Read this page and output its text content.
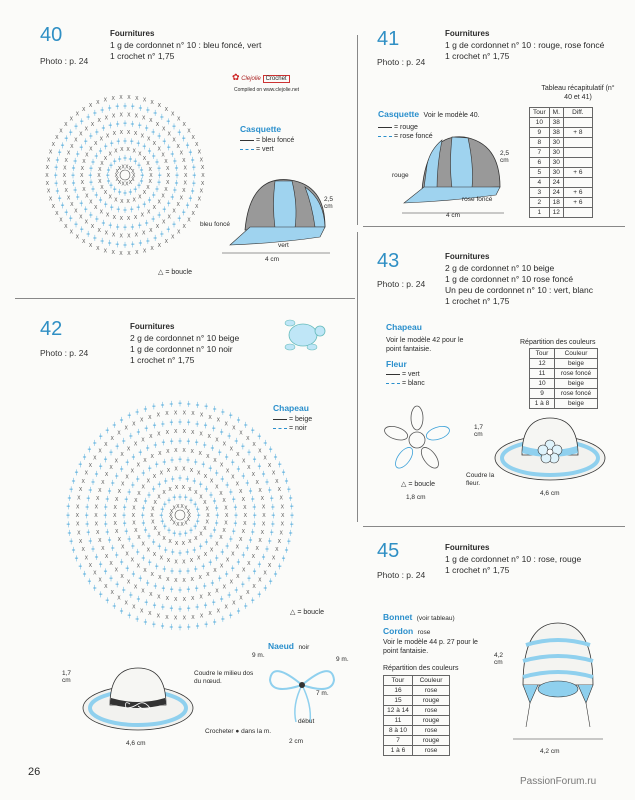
40
Photo : p. 24
Fournitures
1 g de cordonnet n° 10 : bleu foncé, vert
1 crochet n° 1,75
✿ Clejolie Crochet
Compiled on www.clejolie.net
X
X
X
X
X
X
X
X
X
X X X X
X
╪
╪
╪
╪
╪
╪
╪
╪
╪
╪
╪
╪
╪
╪ ╪ ╪ ╪ ╪
╪
╪
X
X
X
X
X
X
X
X
X
X
X
X
X
X
X
X
X
X X X X X X
X
X
X
╪
╪
╪
╪
╪
╪
╪
╪
╪
╪
╪
╪
╪
╪
╪
╪
╪
╪
╪
╪
╪
╪
╪ ╪ ╪ ╪ ╪
╪
╪
╪
╪
╪
X
X
X
X
X
X
X
X
X
X
X
X
X
X
X
X
X
X
X
X
X
X
X
X
X
X
X X X X X X
X
X
X
X
X
X
╪
╪
╪
╪
╪
╪
╪
╪
╪
╪
╪
╪
╪
╪
╪
╪
╪
╪
╪
╪
╪
╪
╪
╪
╪
╪
╪
╪
╪
╪
╪ ╪ ╪ ╪ ╪ ╪ ╪
╪
╪
╪
╪
╪
╪
╪
X
X
X
X
X
X
X
X
X
X
X
X
X
X
X
X
X
X
X
X
X
X
X
X
X
X
X
X
X
X
X
X
X
X
X X X X X X X X
X
X
X
X
X
X
X
X
╪
╪
╪
╪
╪
╪
╪
╪
╪
╪
╪
╪
╪
╪
╪
╪
╪
╪
╪
╪
╪
╪
╪
╪
╪
╪
╪
╪
╪
╪
╪
╪
╪
╪
╪
╪
╪
╪
╪ ╪ ╪ ╪ ╪ ╪ ╪ ╪ ╪
╪
╪
╪
╪
╪
╪
╪
╪
╪
X
X
X
X
X
X
X
X
X
X
X
X
X
X
X
X
X
X
X
X
X
X
X
X
X
X
X
X
X
X
X
X
X
X
X
X
X
X
X
X
X
X
X
X X X X X X X X
X
X
X
X
X
X
X
X
X
X
X
△ = boucle
Casquette
= bleu foncé
= vert
bleu foncé
vert
4 cm
2,5 cm
41
Photo : p. 24
Fournitures
1 g de cordonnet n° 10 : rouge, rose foncé
1 crochet n° 1,75
Casquette Voir le modèle 40.
= rouge
= rose foncé
rouge
rose foncé
4 cm
2,5 cm
Tableau récapitulatif (n° 40 et 41)
Tour	M.	Diff.
10	38	
9	38	+ 8
8	30	
7	30	
6	30	
5	30	+ 6
4	24	
3	24	+ 6
2	18	+ 6
1	12	
42
Photo : p. 24
Fournitures
2 g de cordonnet n° 10 beige
1 g de cordonnet n° 10 noir
1 crochet n° 1,75
X
X
X
X
X
X
X
X
X
X X X X
X
╪
╪
╪
╪
╪
╪
╪
╪
╪
╪
╪
╪
╪
╪ ╪ ╪ ╪ ╪
╪
╪
X
X
X
X
X
X
X
X
X
X
X
X
X
X
X
X
X
X
X X X X
X
X
X
X
╪
╪
╪
╪
╪
╪
╪
╪
╪
╪
╪
╪
╪
╪
╪
╪
╪
╪
╪
╪
╪
╪
╪ ╪ ╪ ╪ ╪
╪
╪
╪
╪
╪
X
X
X
X
X
X
X
X
X
X
X
X
X
X
X
X
X
X
X
X
X
X
X
X
X
X
X X X X X X
X
X
X
X
X
X
╪
╪
╪
╪
╪
╪
╪
╪
╪
╪
╪
╪
╪
╪
╪
╪
╪
╪
╪
╪
╪
╪
╪
╪
╪
╪
╪
╪
╪
╪
╪ ╪ ╪ ╪ ╪ ╪ ╪
╪
╪
╪
╪
╪
╪
╪
X
X
X
X
X
X
X
X
X
X
X
X
X
X
X
X
X
X
X
X
X
X
X
X
X
X
X
X
X
X
X
X
X
X
X X X X X X X X
X
X
X
X
X
X
X
X
╪
╪
╪
╪
╪
╪
╪
╪
╪
╪
╪
╪
╪
╪
╪
╪
╪
╪
╪
╪
╪
╪
╪
╪
╪
╪
╪
╪
╪
╪
╪
╪
╪
╪
╪
╪
╪
╪
╪
╪ ╪ ╪ ╪ ╪ ╪ ╪
╪
╪
╪
╪
╪
╪
╪
╪
╪
╪
X
X
X
X
X
X
X
X
X
X
X
X
X
X
X
X
X
X
X
X
X
X
X
X
X
X
X
X
X
X
X
X
X
X
X
X
X
X
X
X
X
X
X
X X X X X X X X
X
X
X
X
X
X
X
X
X
X
X
╪
╪
╪
╪
╪
╪
╪
╪
╪
╪
╪
╪
╪
╪
╪
╪
╪
╪
╪
╪
╪
╪
╪
╪
╪
╪
╪
╪
╪
╪
╪
╪
╪
╪
╪
╪
╪
╪
╪
╪
╪
╪
╪
╪
╪
╪
╪
╪ ╪ ╪ ╪ ╪ ╪ ╪ ╪ ╪
╪
╪
╪
╪
╪
╪
╪
╪
╪
╪
╪
╪
X
X
X
X
X
X
X
X
X
X
X
X
X
X
X
X
X
X
X
X
X
X
X
X
X
X
X
X
X
X
X
X
X
X
X
X
X
X
X
X
X
X
X
X
X
X
X
X
X
X
X
X X X X X X X X X X
X
X
X
X
X
X
X
X
X
X
X
X
X
╪
╪
╪
╪
╪
╪
╪
╪
╪
╪
╪
╪
╪
╪
╪
╪
╪
╪
╪
╪
╪
╪
╪
╪
╪
╪
╪
╪
╪
╪
╪
╪
╪
╪
╪
╪
╪
╪
╪
╪
╪
╪
╪
╪
╪
╪
╪
╪
╪
╪
╪
╪
╪
╪
╪
╪ ╪ ╪ ╪ ╪ ╪ ╪ ╪ ╪ ╪ ╪
╪
╪
╪
╪
╪
╪
╪
╪
╪
╪
╪
╪
╪
╪
Chapeau
= beige
= noir
△ = boucle
1,7 cm
4,6 cm
Coudre le milieu dos du nœud.
Naeud noir
9 m.
9 m.
7 m.
début
Crocheter ● dans la m.
2 cm
43
Photo : p. 24
Fournitures
2 g de cordonnet n° 10 beige
1 g de cordonnet n° 10 rose foncé
Un peu de cordonnet n° 10 : vert, blanc
1 crochet n° 1,75
Chapeau
Voir le modèle 42 pour le point fantaisie.
Fleur
= vert
= blanc
△ = boucle
1,8 cm
1,7 cm
Coudre la fleur.
4,6 cm
Répartition des couleurs
Tour	Couleur
12	beige
11	rose foncé
10	beige
9	rose foncé
1 à 8	beige
45
Photo : p. 24
Fournitures
1 g de cordonnet n° 10 : rose, rouge
1 crochet n° 1,75
Bonnet (voir tableau)
Cordon rose
Voir le modèle 44 p. 27 pour le point fantaisie.
Répartition des couleurs
Tour	Couleur
16	rose
15	rouge
12 à 14	rose
11	rouge
8 à 10	rose
7	rouge
1 à 6	rose
4,2 cm
4,2 cm
26
PassionForum.ru
